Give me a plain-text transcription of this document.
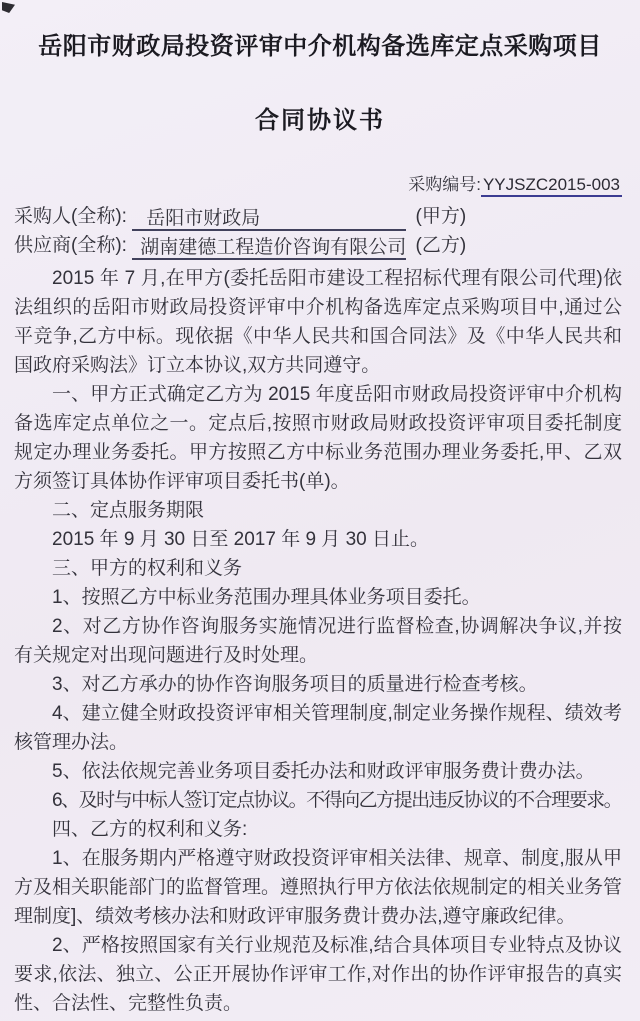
岳阳市财政局投资评审中介机构备选库定点采购项目
合同协议书
采购编号: YYJSZC2015-003
采购人(全称): 岳阳市财政局	(甲方)
供应商(全称): 湖南建德工程造价咨询有限公司 (乙方)

2015 年 7 月,在甲方(委托岳阳市建设工程招标代理有限公司代理)依法组织的岳阳市财政局投资评审中介机构备选库定点采购项目中,通过公平竞争,乙方中标。现依据《中华人民共和国合同法》及《中华人民共和国政府采购法》订立本协议,双方共同遵守。

一、甲方正式确定乙方为 2015 年度岳阳市财政局投资评审中介机构备选库定点单位之一。定点后,按照市财政局财政投资评审项目委托制度规定办理业务委托。甲方按照乙方中标业务范围办理业务委托,甲、乙双方须签订具体协作评审项目委托书(单)。

二、定点服务期限

2015 年 9 月 30 日至 2017 年 9 月 30 日止。

三、甲方的权利和义务

1、按照乙方中标业务范围办理具体业务项目委托。

2、对乙方协作咨询服务实施情况进行监督检查,协调解决争议,并按有关规定对出现问题进行及时处理。

3、对乙方承办的协作咨询服务项目的质量进行检查考核。

4、建立健全财政投资评审相关管理制度,制定业务操作规程、绩效考核管理办法。

5、依法依规完善业务项目委托办法和财政评审服务费计费办法。

6、及时与中标人签订定点协议。不得向乙方提出违反协议的不合理要求。

四、乙方的权利和义务:

1、在服务期内严格遵守财政投资评审相关法律、规章、制度,服从甲方及相关职能部门的监督管理。遵照执行甲方依法依规制定的相关业务管理制度]、绩效考核办法和财政评审服务费计费办法,遵守廉政纪律。

2、严格按照国家有关行业规范及标准,结合具体项目专业特点及协议要求,依法、独立、公正开展协作评审工作,对作出的协作评审报告的真实性、合法性、完整性负责。
